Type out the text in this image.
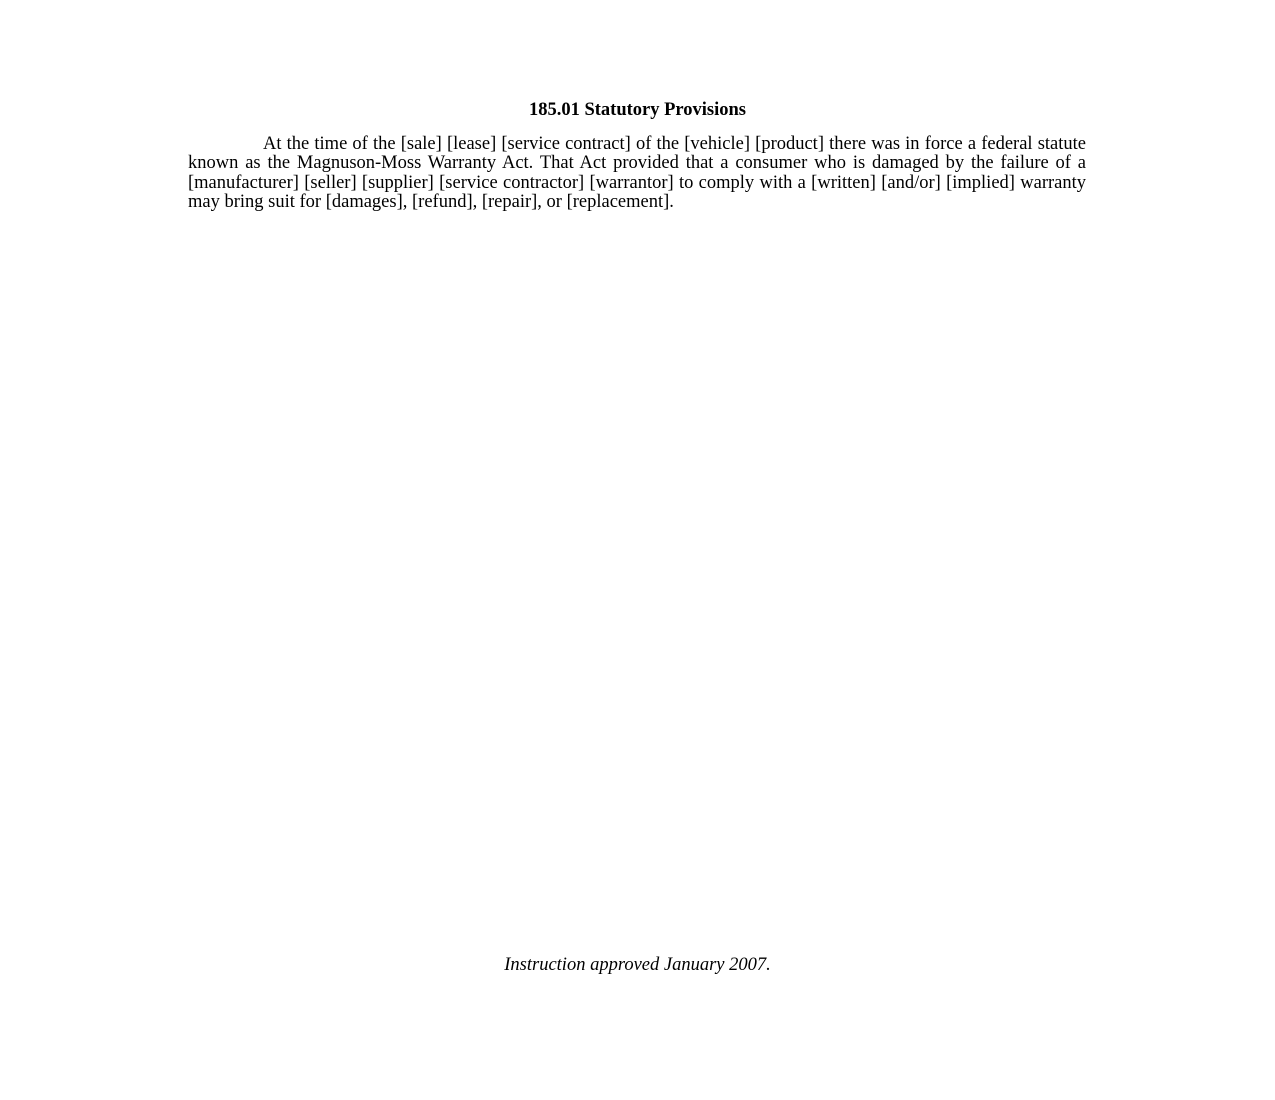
185.01 Statutory Provisions

At the time of the [sale] [lease] [service contract] of the [vehicle] [product] there was in force a federal statute known as the Magnuson-Moss Warranty Act. That Act provided that a consumer who is damaged by the failure of a [manufacturer] [seller] [supplier] [service contractor] [warrantor] to comply with a [written] [and/or] [implied] warranty may bring suit for [damages], [refund], [repair], or [replacement].

Instruction approved January 2007.
